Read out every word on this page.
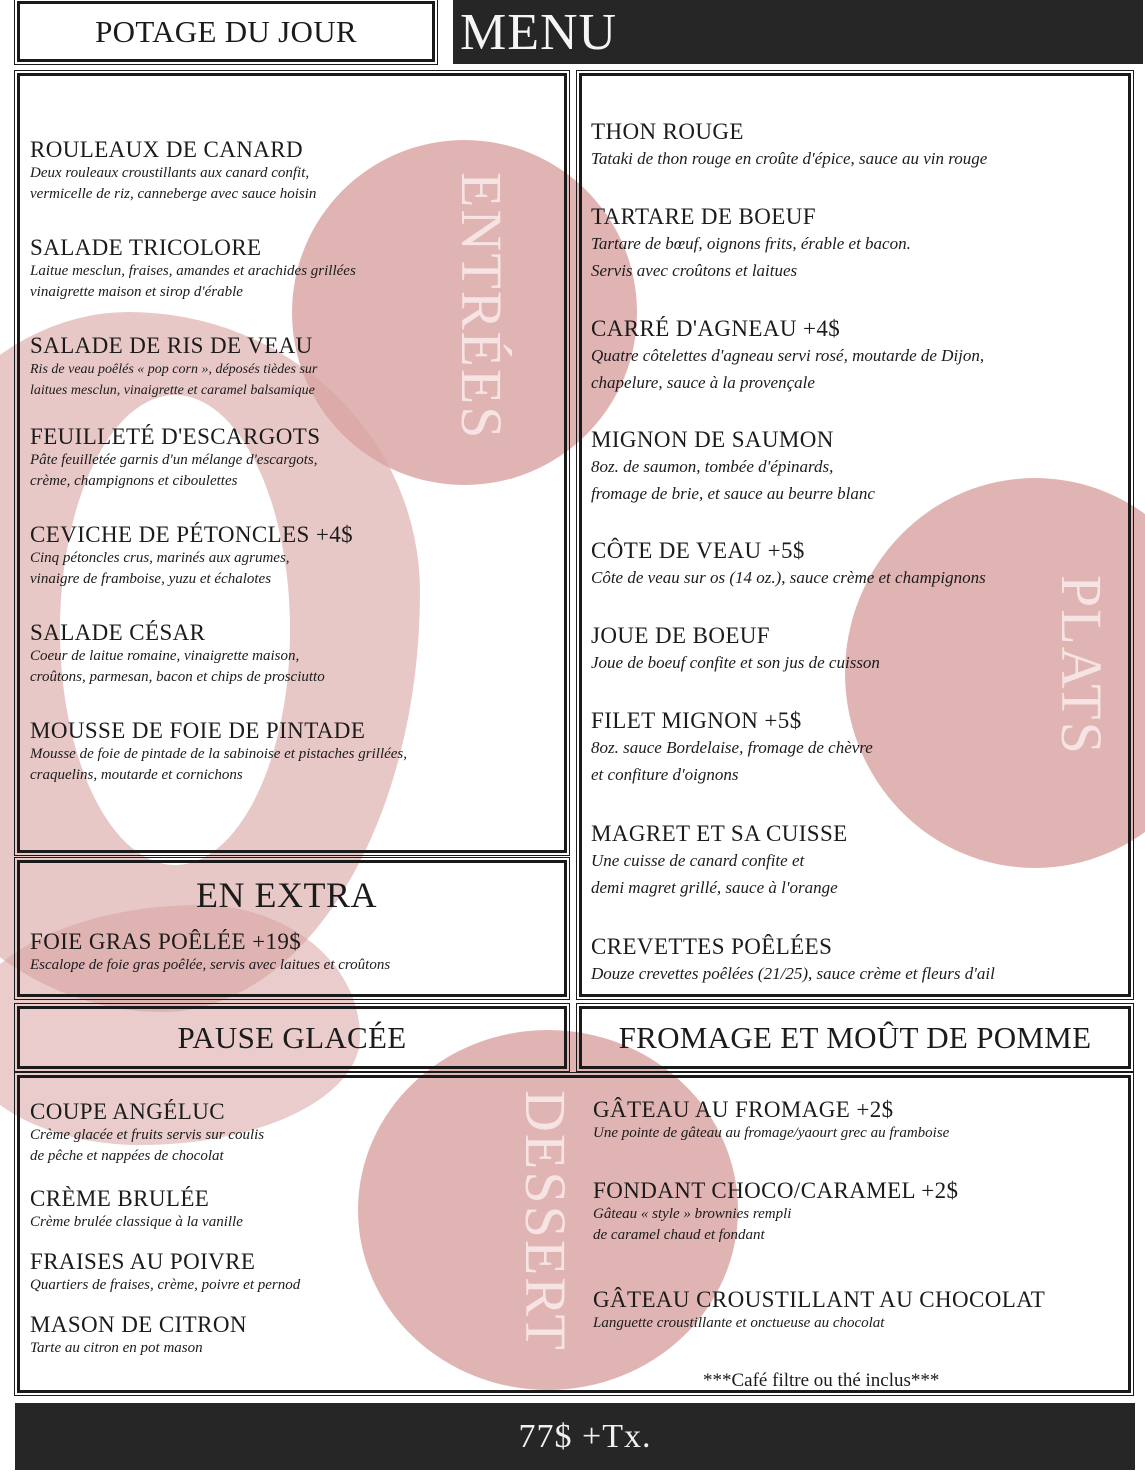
POTAGE DU JOUR MENU
ENTRÉES
ROULEAUX DE CANARD
Deux rouleaux croustillants aux canard confit,
vermicelle de riz, canneberge avec sauce hoisin
SALADE TRICOLORE
Laitue mesclun, fraises, amandes et arachides grillées
vinaigrette maison et sirop d'érable
SALADE DE RIS DE VEAU
Ris de veau poêlés « pop corn », déposés tièdes sur
laitues mesclun, vinaigrette et caramel balsamique
FEUILLETÉ D'ESCARGOTS
Pâte feuilletée garnis d'un mélange d'escargots,
crème, champignons et ciboulettes
CEVICHE DE PÉTONCLES +4$
Cinq pétoncles crus, marinés aux agrumes,
vinaigre de framboise, yuzu et échalotes
SALADE CÉSAR
Coeur de laitue romaine, vinaigrette maison,
croûtons, parmesan, bacon et chips de prosciutto
MOUSSE DE FOIE DE PINTADE
Mousse de foie de pintade de la sabinoise et pistaches grillées,
craquelins, moutarde et cornichons
EN EXTRA
FOIE GRAS POÊLÉE +19$
Escalope de foie gras poêlée, servis avec laitues et croûtons
PLATS
THON ROUGE
Tataki de thon rouge en croûte d'épice, sauce au vin rouge
TARTARE DE BOEUF
Tartare de bœuf, oignons frits, érable et bacon.
Servis avec croûtons et laitues
CARRÉ D'AGNEAU +4$
Quatre côtelettes d'agneau servi rosé, moutarde de Dijon,
chapelure, sauce à la provençale
MIGNON DE SAUMON
8oz. de saumon, tombée d'épinards,
fromage de brie, et sauce au beurre blanc
CÔTE DE VEAU +5$
Côte de veau sur os (14 oz.), sauce crème et champignons
JOUE DE BOEUF
Joue de boeuf confite et son jus de cuisson
FILET MIGNON +5$
8oz. sauce Bordelaise, fromage de chèvre
et confiture d'oignons
MAGRET ET SA CUISSE
Une cuisse de canard confite et
demi magret grillé, sauce à l'orange
CREVETTES POÊLÉES
Douze crevettes poêlées (21/25), sauce crème et fleurs d'ail
PAUSE GLACÉE	FROMAGE ET MOÛT DE POMME
DESSERT
COUPE ANGÉLUC
Crème glacée et fruits servis sur coulis
de pêche et nappées de chocolat
CRÈME BRULÉE
Crème brulée classique à la vanille
FRAISES AU POIVRE
Quartiers de fraises, crème, poivre et pernod
MASON DE CITRON
Tarte au citron en pot mason
GÂTEAU AU FROMAGE +2$
Une pointe de gâteau au fromage/yaourt grec au framboise
FONDANT CHOCO/CARAMEL +2$
Gâteau « style » brownies rempli
de caramel chaud et fondant
GÂTEAU CROUSTILLANT AU CHOCOLAT
Languette croustillante et onctueuse au chocolat
***Café filtre ou thé inclus***
77$ +Tx.
